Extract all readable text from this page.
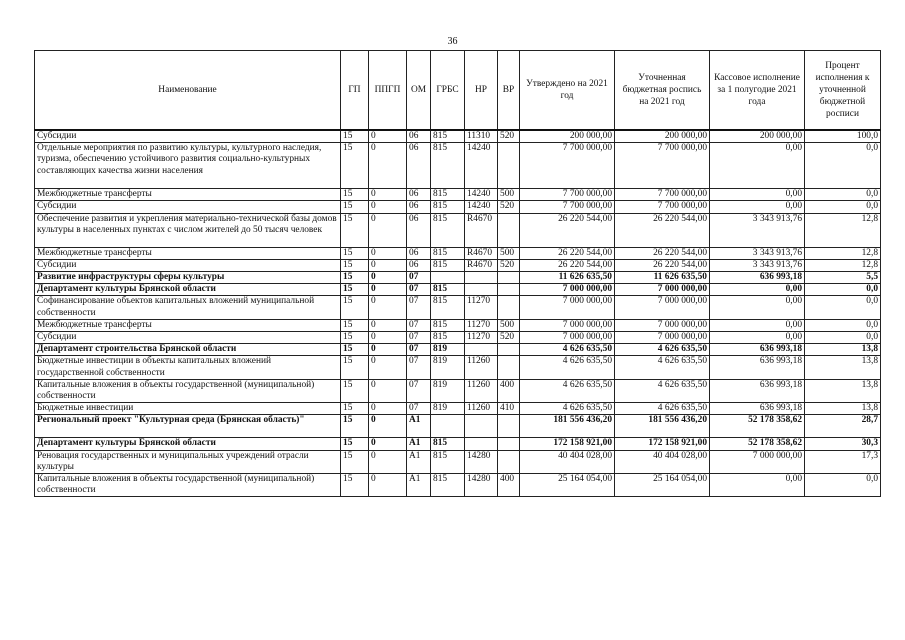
36
Наименование	ГП	ППГП	ОМ	ГРБС	НР	ВР	Утверждено на 2021 год	Уточненная бюджетная роспись на 2021 год	Кассовое исполнение за 1 полугодие 2021 года	Процент исполнения к уточненной бюджетной росписи
Субсидии	15	0	06	815	11310	520	200 000,00	200 000,00	200 000,00	100,0
Отдельные мероприятия по развитию культуры, культурного наследия, туризма, обеспечению устойчивого развития социально-культурных составляющих качества жизни населения	15	0	06	815	14240		7 700 000,00	7 700 000,00	0,00	0,0
Межбюджетные трансферты	15	0	06	815	14240	500	7 700 000,00	7 700 000,00	0,00	0,0
Субсидии	15	0	06	815	14240	520	7 700 000,00	7 700 000,00	0,00	0,0
Обеспечение развития и укрепления материально-технической базы домов культуры в населенных пунктах с числом жителей до 50 тысяч человек	15	0	06	815	R4670		26 220 544,00	26 220 544,00	3 343 913,76	12,8
Межбюджетные трансферты	15	0	06	815	R4670	500	26 220 544,00	26 220 544,00	3 343 913,76	12,8
Субсидии	15	0	06	815	R4670	520	26 220 544,00	26 220 544,00	3 343 913,76	12,8
Развитие инфраструктуры сферы культуры	15	0	07				11 626 635,50	11 626 635,50	636 993,18	5,5
Департамент культуры Брянской области	15	0	07	815			7 000 000,00	7 000 000,00	0,00	0,0
Софинансирование объектов капитальных вложений муниципальной собственности	15	0	07	815	11270		7 000 000,00	7 000 000,00	0,00	0,0
Межбюджетные трансферты	15	0	07	815	11270	500	7 000 000,00	7 000 000,00	0,00	0,0
Субсидии	15	0	07	815	11270	520	7 000 000,00	7 000 000,00	0,00	0,0
Департамент строительства Брянской области	15	0	07	819			4 626 635,50	4 626 635,50	636 993,18	13,8
Бюджетные инвестиции в объекты капитальных вложений государственной собственности	15	0	07	819	11260		4 626 635,50	4 626 635,50	636 993,18	13,8
Капитальные вложения в объекты государственной (муниципальной) собственности	15	0	07	819	11260	400	4 626 635,50	4 626 635,50	636 993,18	13,8
Бюджетные инвестиции	15	0	07	819	11260	410	4 626 635,50	4 626 635,50	636 993,18	13,8
Региональный проект "Культурная среда (Брянская область)"	15	0	A1				181 556 436,20	181 556 436,20	52 178 358,62	28,7
Департамент культуры Брянской области	15	0	A1	815			172 158 921,00	172 158 921,00	52 178 358,62	30,3
Реновация государственных и муниципальных учреждений отрасли культуры	15	0	A1	815	14280		40 404 028,00	40 404 028,00	7 000 000,00	17,3
Капитальные вложения в объекты государственной (муниципальной) собственности	15	0	A1	815	14280	400	25 164 054,00	25 164 054,00	0,00	0,0
